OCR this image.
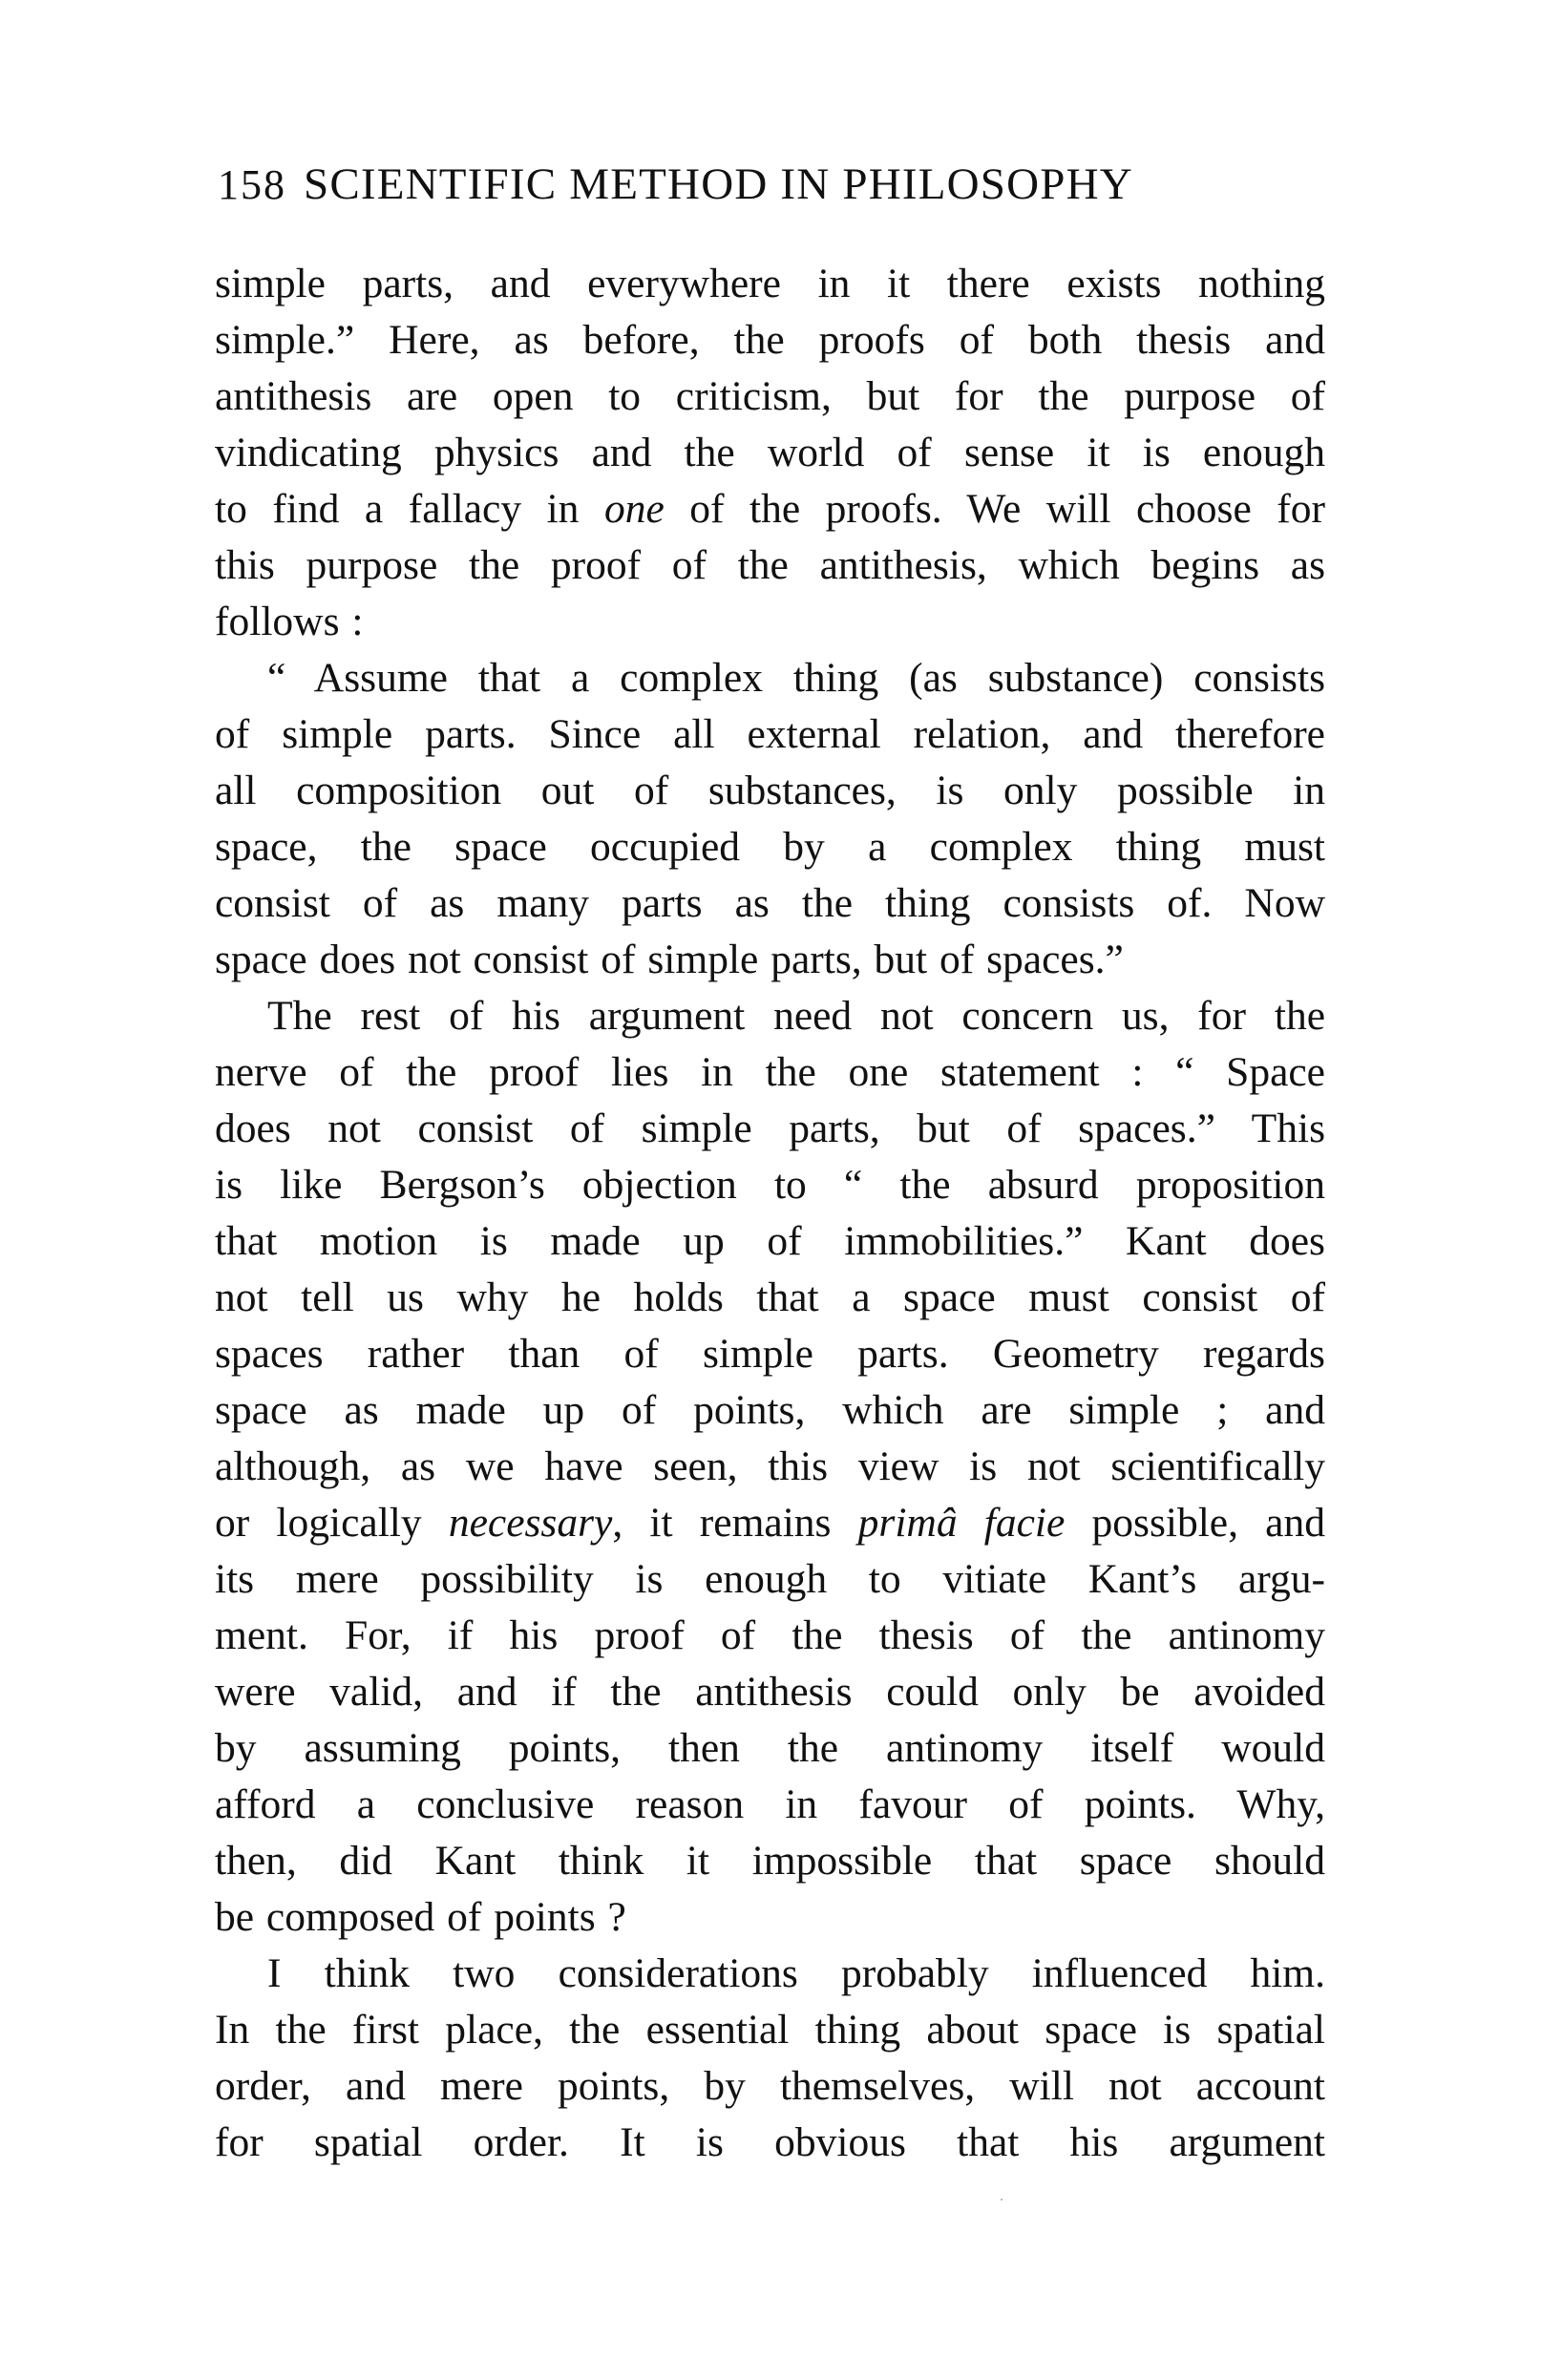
158 SCIENTIFIC METHOD IN PHILOSOPHY
simple parts, and everywhere in it there exists nothing
simple.” Here, as before, the proofs of both thesis and
antithesis are open to criticism, but for the purpose of
vindicating physics and the world of sense it is enough
to find a fallacy in one of the proofs. We will choose for
this purpose the proof of the antithesis, which begins as
follows :
“ Assume that a complex thing (as substance) consists
of simple parts. Since all external relation, and therefore
all composition out of substances, is only possible in
space, the space occupied by a complex thing must
consist of as many parts as the thing consists of. Now
space does not consist of simple parts, but of spaces.”
The rest of his argument need not concern us, for the
nerve of the proof lies in the one statement : “ Space
does not consist of simple parts, but of spaces.” This
is like Bergson’s objection to “ the absurd proposition
that motion is made up of immobilities.” Kant does
not tell us why he holds that a space must consist of
spaces rather than of simple parts. Geometry regards
space as made up of points, which are simple ; and
although, as we have seen, this view is not scientifically
or logically necessary, it remains primâ facie possible, and
its mere possibility is enough to vitiate Kant’s argu-
ment. For, if his proof of the thesis of the antinomy
were valid, and if the antithesis could only be avoided
by assuming points, then the antinomy itself would
afford a conclusive reason in favour of points. Why,
then, did Kant think it impossible that space should
be composed of points ?
I think two considerations probably influenced him.
In the first place, the essential thing about space is spatial
order, and mere points, by themselves, will not account
for spatial order. It is obvious that his argument
